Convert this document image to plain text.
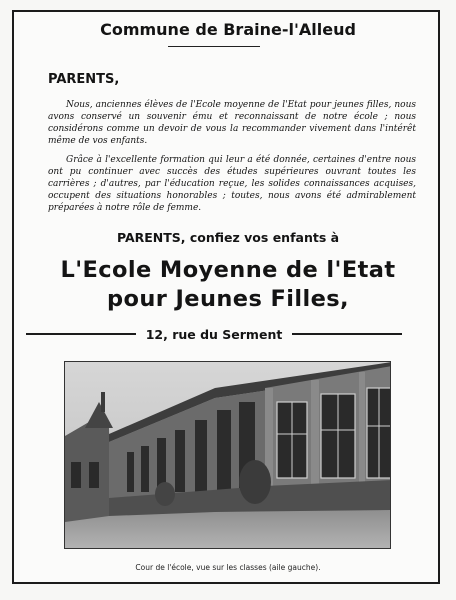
Commune de Braine-l'Alleud
PARENTS,

Nous, anciennes élèves de l'Ecole moyenne de l'Etat pour jeunes filles, nous avons conservé un souvenir ému et reconnaissant de notre école ; nous considérons comme un devoir de vous la recommander vivement dans l'intérêt même de vos enfants.

Grâce à l'excellente formation qui leur a été donnée, certaines d'entre nous ont pu continuer avec succès des études supérieures ouvrant toutes les carrières ; d'autres, par l'éducation reçue, les solides connaissances acquises, occupent des situations honorables ; toutes, nous avons été admirablement préparées à notre rôle de femme.

PARENTS, confiez vos enfants à
L'Ecole Moyenne de l'Etat
pour Jeunes Filles,
12, rue du Serment
Cour de l'école, vue sur les classes (aile gauche).
